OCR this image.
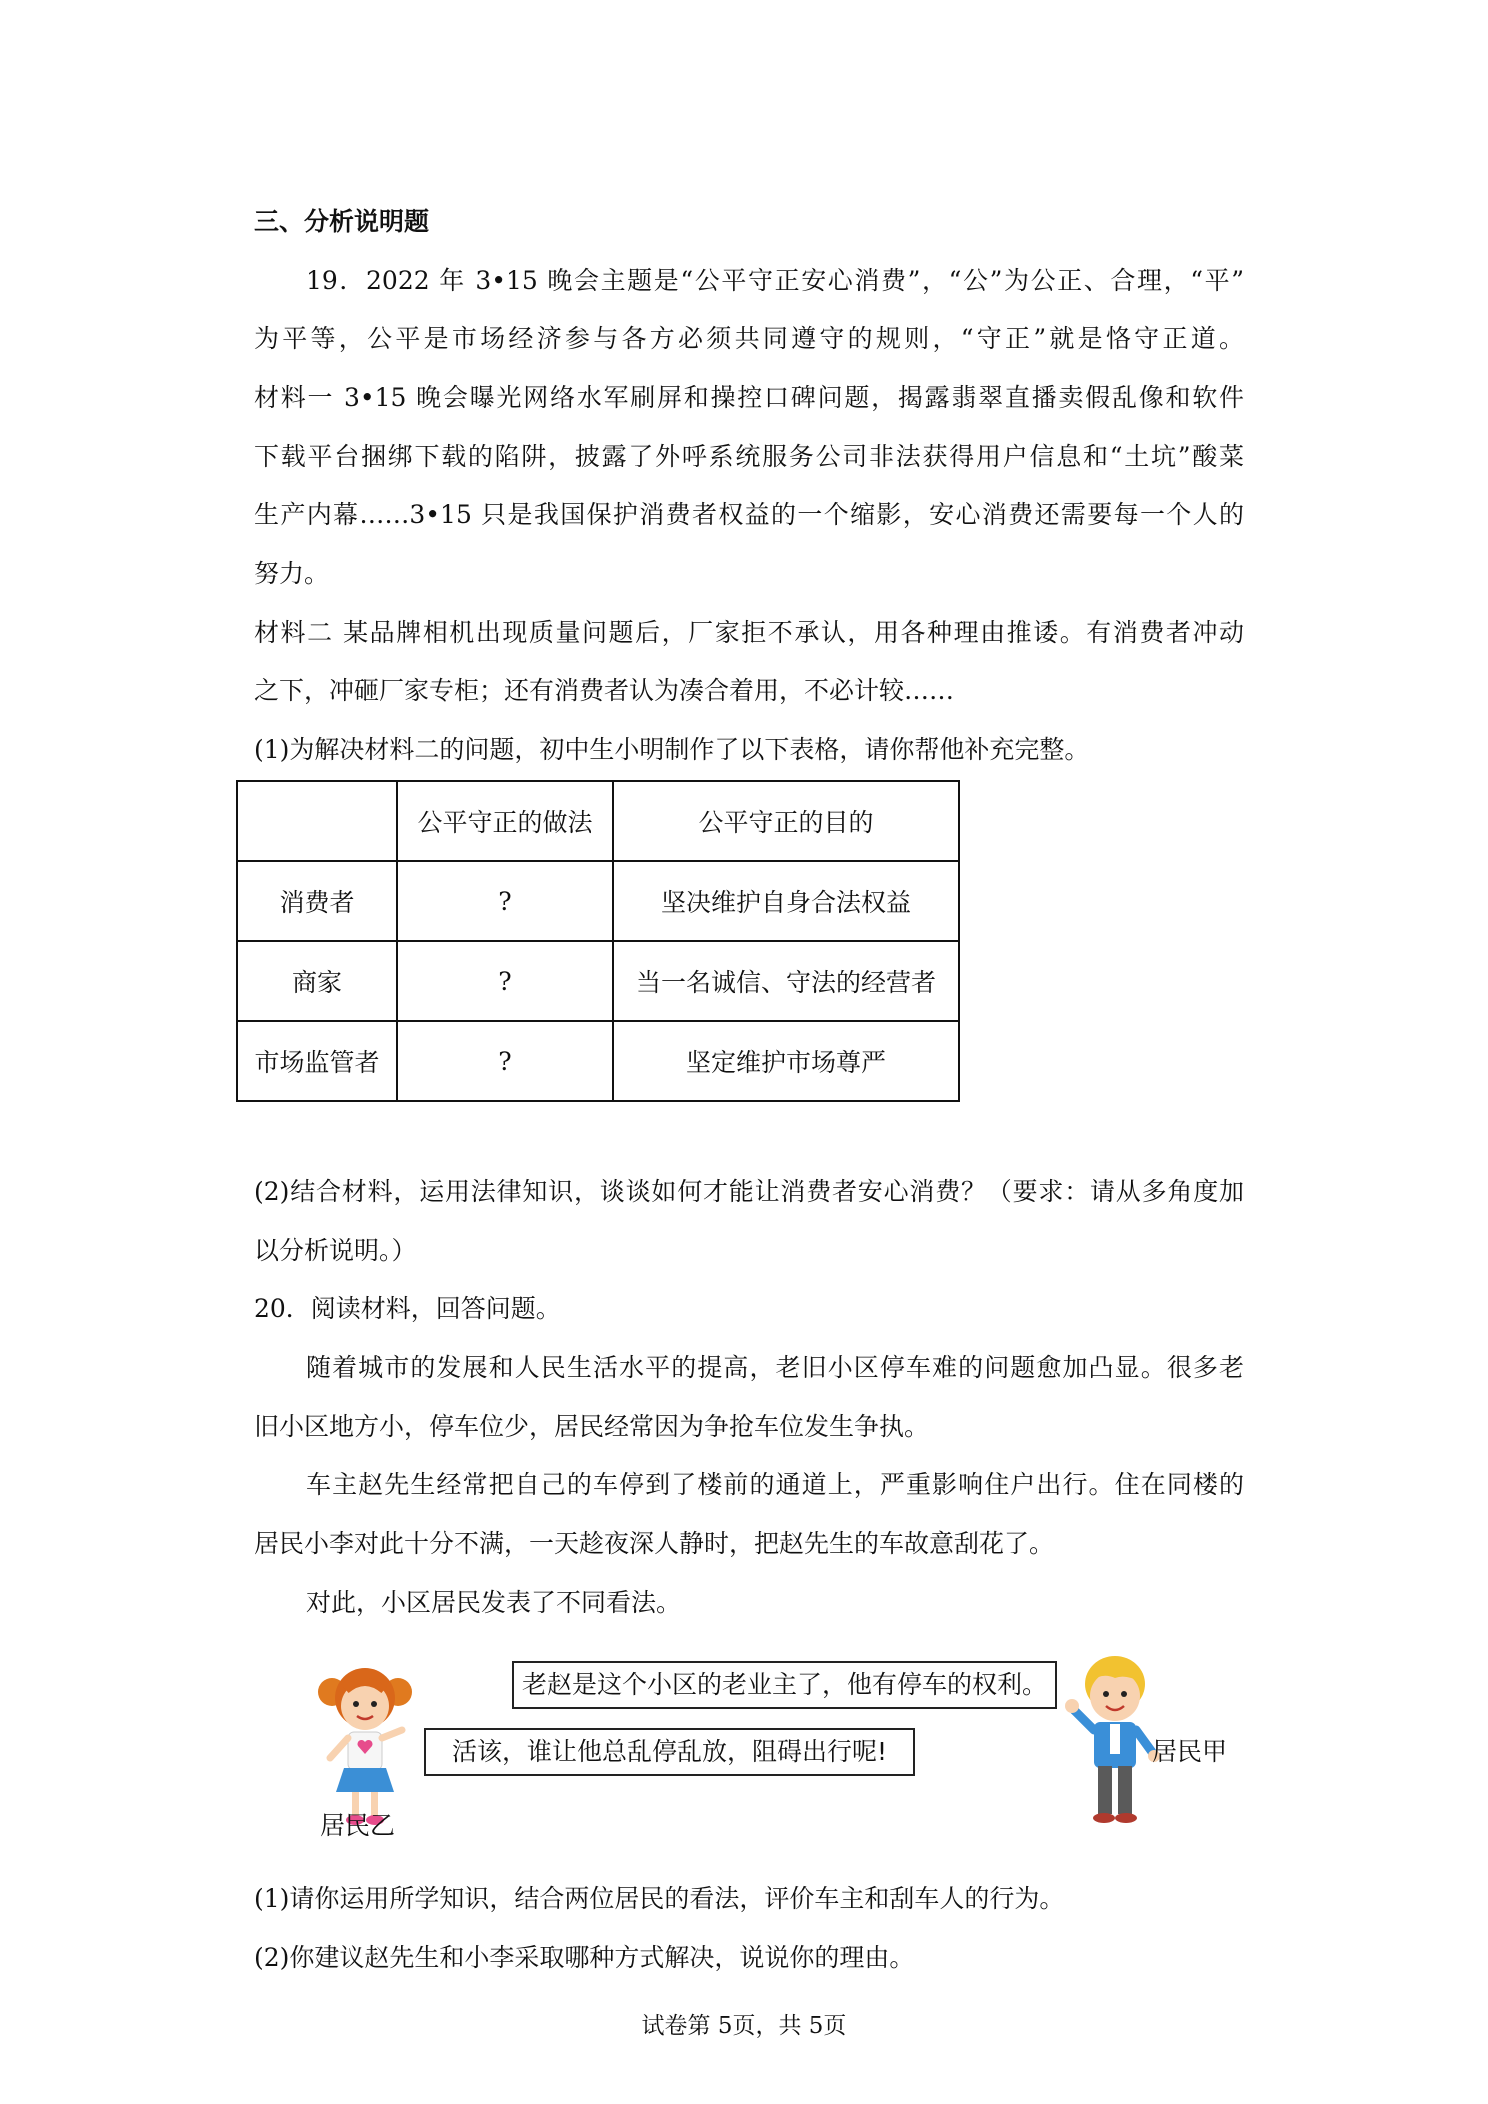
三、分析说明题
19．2022 年 3•15 晚会主题是“公平守正安心消费”，“公”为公正、合理，“平”
为平等，公平是市场经济参与各方必须共同遵守的规则，“守正”就是恪守正道。
材料一 3•15 晚会曝光网络水军刷屏和操控口碑问题，揭露翡翠直播卖假乱像和软件
下载平台捆绑下载的陷阱，披露了外呼系统服务公司非法获得用户信息和“土坑”酸菜
生产内幕……3•15 只是我国保护消费者权益的一个缩影，安心消费还需要每一个人的
努力。
材料二 某品牌相机出现质量问题后，厂家拒不承认，用各种理由推诿。有消费者冲动
之下，冲砸厂家专柜；还有消费者认为凑合着用，不必计较……
(1)为解决材料二的问题，初中生小明制作了以下表格，请你帮他补充完整。
	公平守正的做法	公平守正的目的
消费者	?	坚决维护自身合法权益
商家	?	当一名诚信、守法的经营者
市场监管者	?	坚定维护市场尊严
(2)结合材料，运用法律知识，谈谈如何才能让消费者安心消费？（要求：请从多角度加
以分析说明。）
20．阅读材料，回答问题。
随着城市的发展和人民生活水平的提高，老旧小区停车难的问题愈加凸显。很多老
旧小区地方小，停车位少，居民经常因为争抢车位发生争执。
车主赵先生经常把自己的车停到了楼前的通道上，严重影响住户出行。住在同楼的
居民小李对此十分不满，一天趁夜深人静时，把赵先生的车故意刮花了。
对此，小区居民发表了不同看法。
居民乙
老赵是这个小区的老业主了，他有停车的权利。
活该，谁让他总乱停乱放，阻碍出行呢!	居民甲
(1)请你运用所学知识，结合两位居民的看法，评价车主和刮车人的行为。
(2)你建议赵先生和小李采取哪种方式解决，说说你的理由。
试卷第 5页，共 5页
